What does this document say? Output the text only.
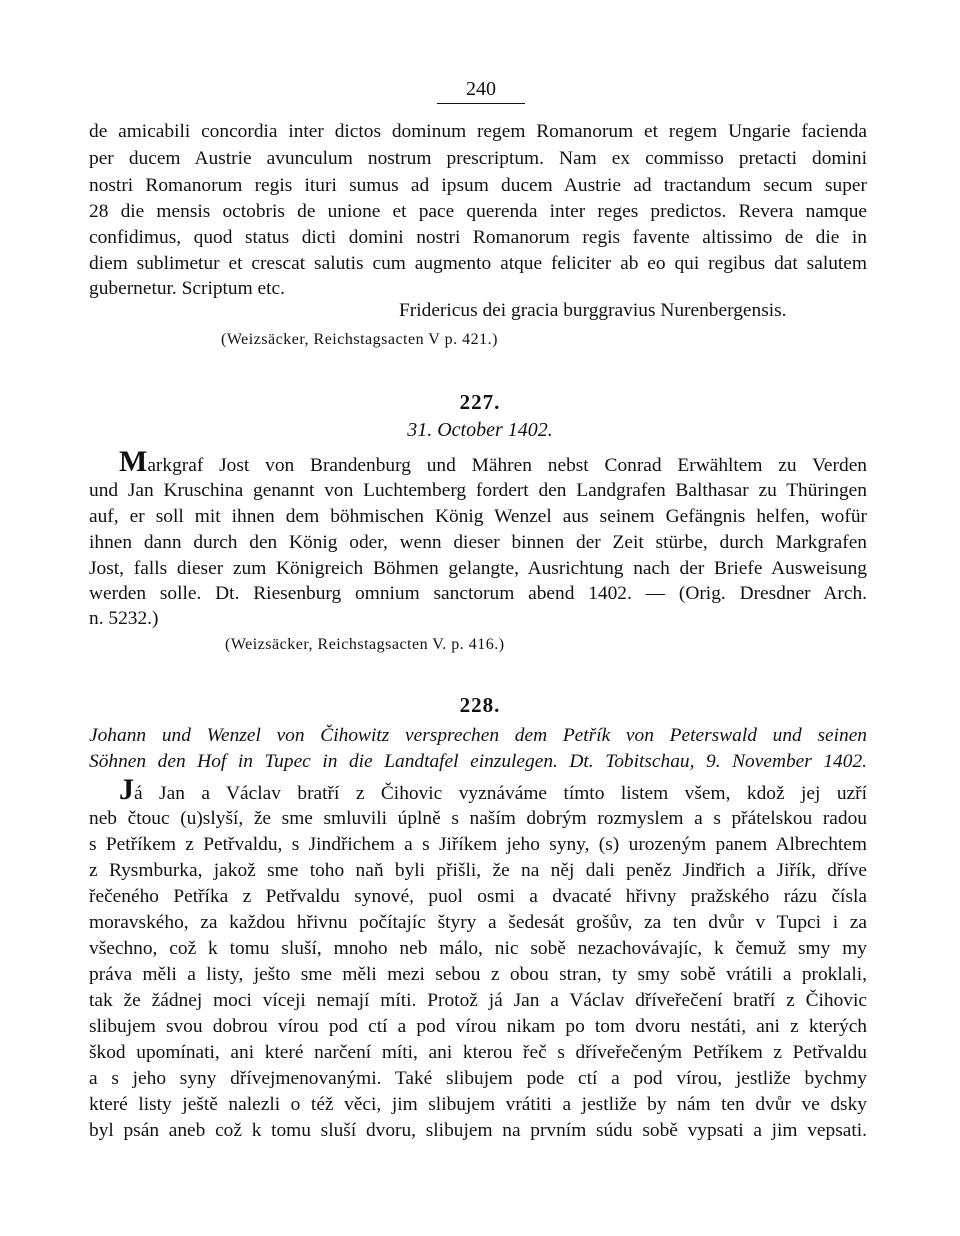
240
de amicabili concordia inter dictos dominum regem Romanorum et regem Ungarie facienda
per ducem Austrie avunculum nostrum prescriptum. Nam ex commisso pretacti domini
nostri Romanorum regis ituri sumus ad ipsum ducem Austrie ad tractandum secum super
28 die mensis octobris de unione et pace querenda inter reges predictos. Revera namque
confidimus, quod status dicti domini nostri Romanorum regis favente altissimo de die in
diem sublimetur et crescat salutis cum augmento atque feliciter ab eo qui regibus dat salutem
gubernetur. Scriptum etc.
Fridericus dei gracia burggravius Nurenbergensis.
(Weizsäcker, Reichstagsacten V p. 421.)
227.
31. October 1402.
Markgraf Jost von Brandenburg und Mähren nebst Conrad Erwähltem zu Verden
und Jan Kruschina genannt von Luchtemberg fordert den Landgrafen Balthasar zu Thüringen
auf, er soll mit ihnen dem böhmischen König Wenzel aus seinem Gefängnis helfen, wofür
ihnen dann durch den König oder, wenn dieser binnen der Zeit stürbe, durch Markgrafen
Jost, falls dieser zum Königreich Böhmen gelangte, Ausrichtung nach der Briefe Ausweisung
werden solle. Dt. Riesenburg omnium sanctorum abend 1402. — (Orig. Dresdner Arch.
n. 5232.)
(Weizsäcker, Reichstagsacten V. p. 416.)
228.
Johann und Wenzel von Čihowitz versprechen dem Petřík von Peterswald und seinen
Söhnen den Hof in Tupec in die Landtafel einzulegen. Dt. Tobitschau, 9. November 1402.
Já Jan a Václav bratří z Čihovic vyznáváme tímto listem všem, kdož jej uzří
neb čtouc (u)slyší, že sme smluvili úplně s naším dobrým rozmyslem a s přátelskou radou
s Petříkem z Petřvaldu, s Jindřichem a s Jiříkem jeho syny, (s) urozeným panem Albrechtem
z Rysmburka, jakož sme toho naň byli přišli, že na něj dali peněz Jindřich a Jiřík, dříve
řečeného Petříka z Petřvaldu synové, puol osmi a dvacaté hřivny pražského rázu čísla
moravského, za každou hřivnu počítajíc štyry a šedesát grošův, za ten dvůr v Tupci i za
všechno, což k tomu sluší, mnoho neb málo, nic sobě nezachovávajíc, k čemuž smy my
práva měli a listy, ješto sme měli mezi sebou z obou stran, ty smy sobě vrátili a proklali,
tak že žádnej moci víceji nemají míti. Protož já Jan a Václav dříveřečení bratří z Čihovic
slibujem svou dobrou vírou pod ctí a pod vírou nikam po tom dvoru nestáti, ani z kterých
škod upomínati, ani které narčení míti, ani kterou řeč s dříveřečeným Petříkem z Petřvaldu
a s jeho syny dřívejmenovanými. Také slibujem pode ctí a pod vírou, jestliže bychmy
které listy ještě nalezli o též věci, jim slibujem vrátiti a jestliže by nám ten dvůr ve dsky
byl psán aneb což k tomu sluší dvoru, slibujem na prvním súdu sobě vypsati a jim vepsati.
